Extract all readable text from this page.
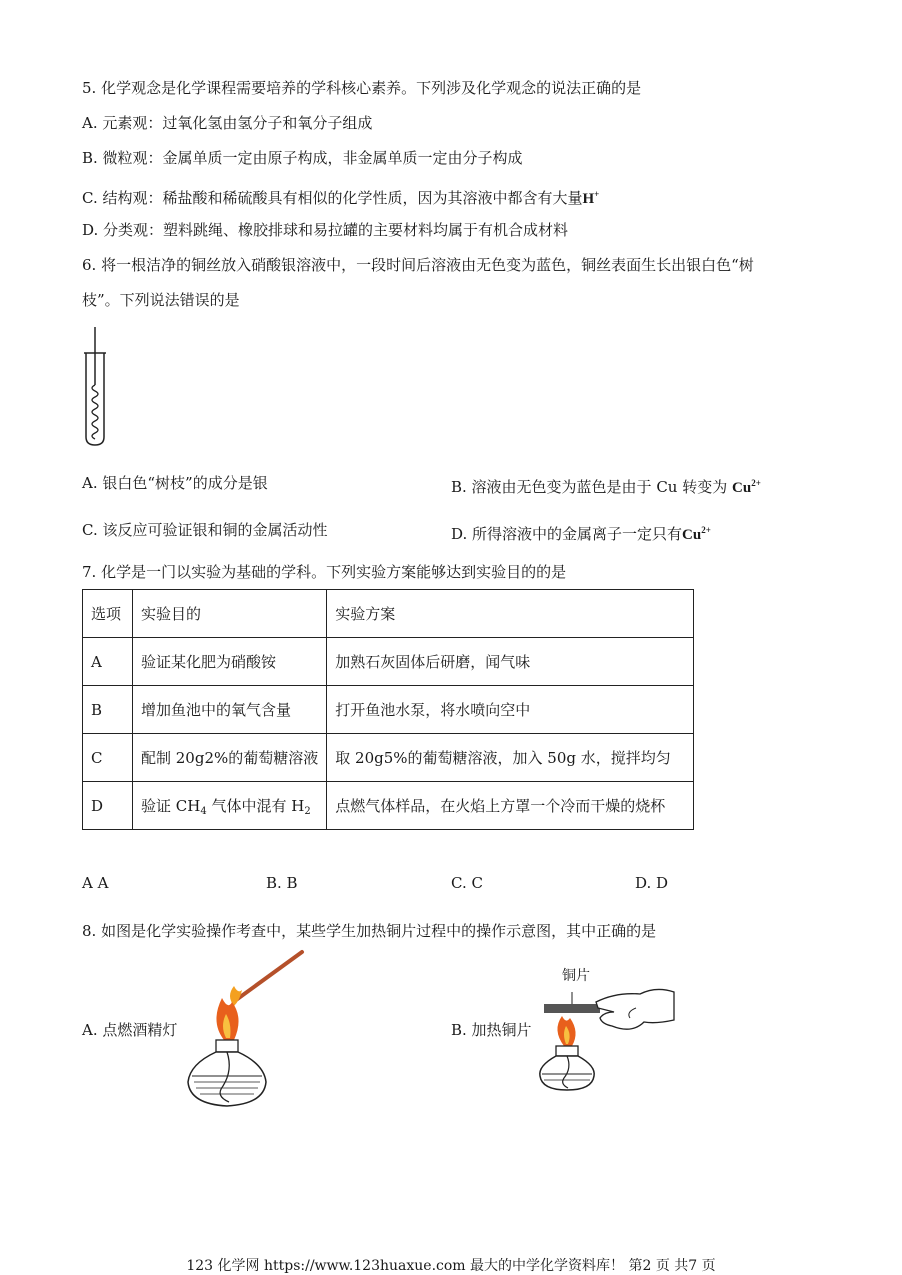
5. 化学观念是化学课程需要培养的学科核心素养。下列涉及化学观念的说法正确的是
A. 元素观：过氧化氢由氢分子和氧分子组成
B. 微粒观：金属单质一定由原子构成，非金属单质一定由分子构成
C. 结构观：稀盐酸和稀硫酸具有相似的化学性质，因为其溶液中都含有大量H+
D. 分类观：塑料跳绳、橡胶排球和易拉罐的主要材料均属于有机合成材料
6. 将一根洁净的铜丝放入硝酸银溶液中，一段时间后溶液由无色变为蓝色，铜丝表面生长出银白色“树
枝”。下列说法错误的是
A. 银白色“树枝”的成分是银	B. 溶液由无色变为蓝色是由于 Cu 转变为 $Cu^{2+}$
C. 该反应可验证银和铜的金属活动性	D. 所得溶液中的金属离子一定只有$Cu^{2+}$
7. 化学是一门以实验为基础的学科。下列实验方案能够达到实验目的的是
选项	实验目的	实验方案
A	验证某化肥为硝酸铵	加熟石灰固体后研磨，闻气味
B	增加鱼池中的氧气含量	打开鱼池水泵，将水喷向空中
C	配制 20g2%的葡萄糖溶液	取 20g5%的葡萄糖溶液，加入 50g 水，搅拌均匀
D	验证 $CH_4$ 气体中混有 $H_2$	点燃气体样品，在火焰上方罩一个冷而干燥的烧杯
A A	B. B	C. C	D. D
8. 如图是化学实验操作考查中，某些学生加热铜片过程中的操作示意图，其中正确的是
A. 点燃酒精灯	B. 加热铜片
铜片
123 化学网 https://www.123huaxue.com 最大的中学化学资料库！ 第2 页 共7 页
